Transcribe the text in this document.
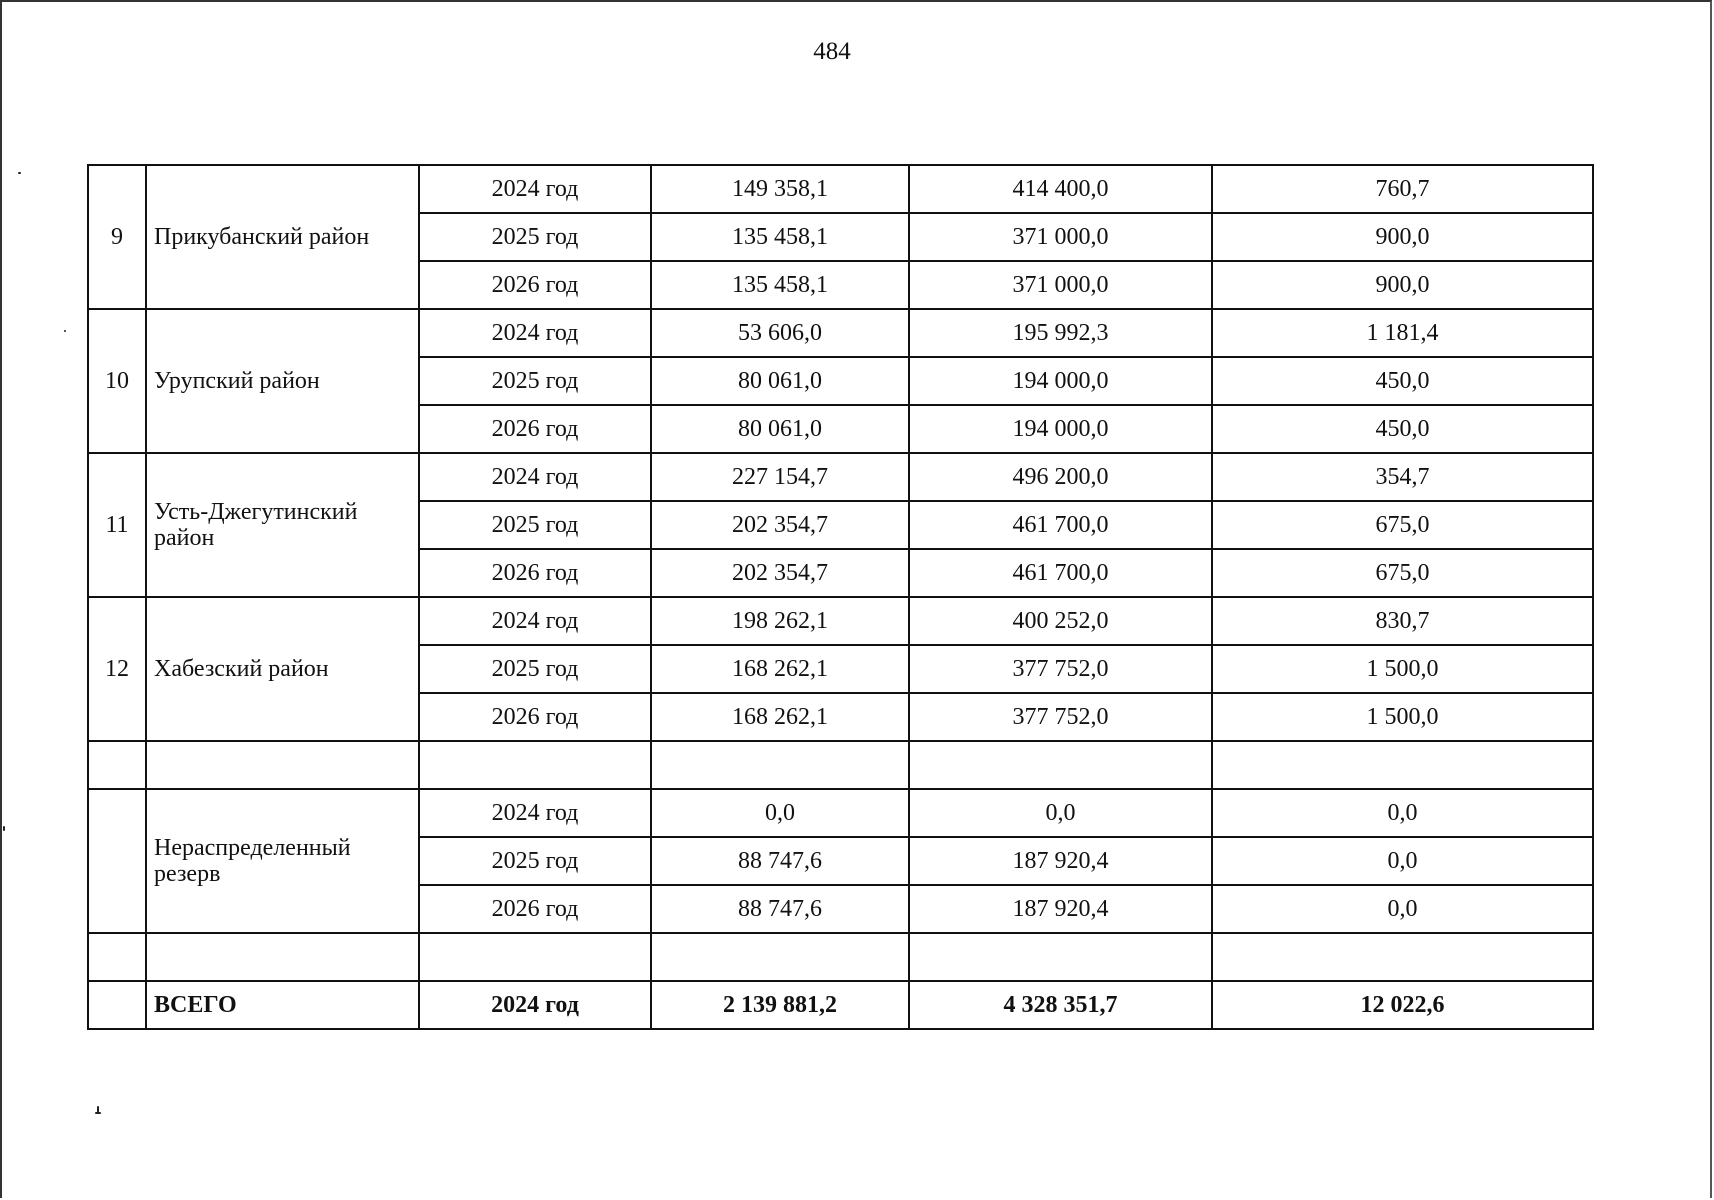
484
9	Прикубанский район	2024 год	149 358,1	414 400,0	760,7
		2025 год	135 458,1	371 000,0	900,0
		2026 год	135 458,1	371 000,0	900,0
10	Урупский район	2024 год	53 606,0	195 992,3	1 181,4
		2025 год	80 061,0	194 000,0	450,0
		2026 год	80 061,0	194 000,0	450,0
11	Усть-Джегутинский район	2024 год	227 154,7	496 200,0	354,7
		2025 год	202 354,7	461 700,0	675,0
		2026 год	202 354,7	461 700,0	675,0
12	Хабезский район	2024 год	198 262,1	400 252,0	830,7
		2025 год	168 262,1	377 752,0	1 500,0
		2026 год	168 262,1	377 752,0	1 500,0

	Нераспределенный резерв	2024 год	0,0	0,0	0,0
		2025 год	88 747,6	187 920,4	0,0
		2026 год	88 747,6	187 920,4	0,0

	ВСЕГО	2024 год	2 139 881,2	4 328 351,7	12 022,6
